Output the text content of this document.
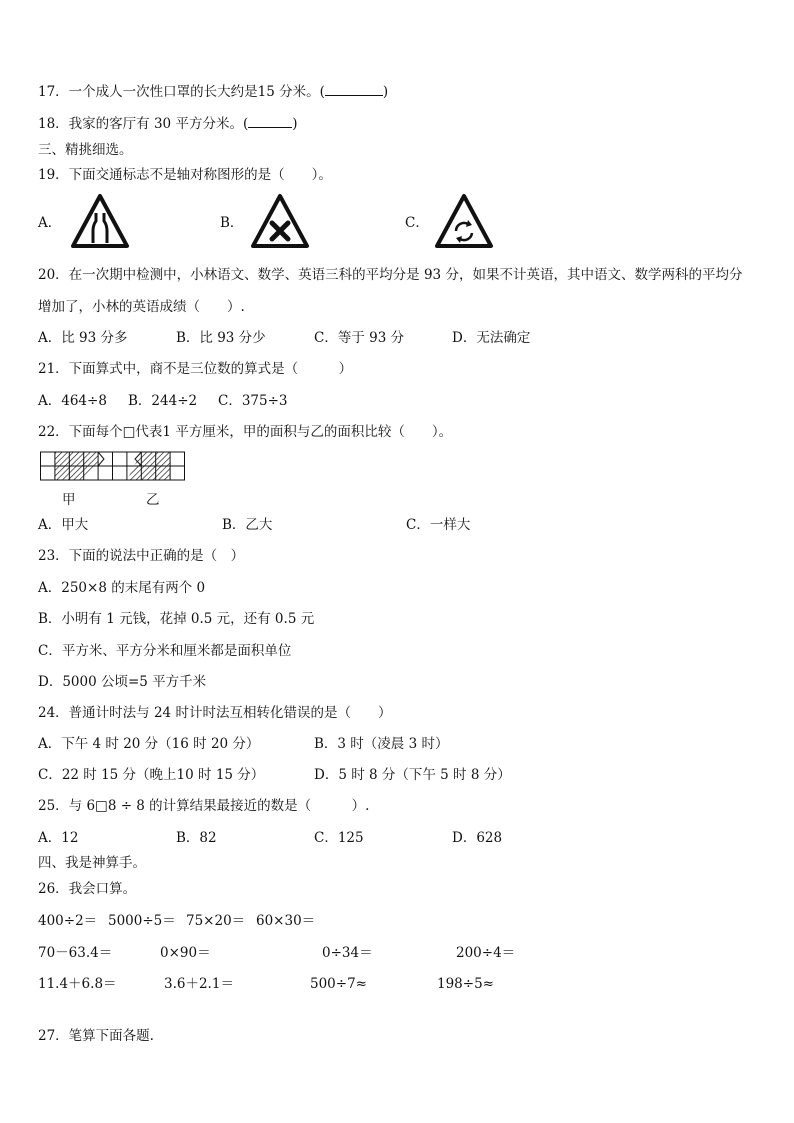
17．一个成人一次性口罩的长大约是15 分米。(	)
18．我家的客厅有 30 平方分米。(	)
三、精挑细选。
19．下面交通标志不是轴对称图形的是（　　）。
A．	B．	C．
20．在一次期中检测中，小林语文、数学、英语三科的平均分是 93 分，如果不计英语，其中语文、数学两科的平均分
增加了，小林的英语成绩（　　）.
A．比 93 分多	B．比 93 分少	C．等于 93 分	D．无法确定
21．下面算式中，商不是三位数的算式是（　　　）
A．464÷8 B．244÷2 C．375÷3
22．下面每个□代表1 平方厘米，甲的面积与乙的面积比较（　　）。
甲	乙
A．甲大	B．乙大	C．一样大
23．下面的说法中正确的是（　）
A．250×8 的末尾有两个 0
B．小明有 1 元钱，花掉 0.5 元，还有 0.5 元
C．平方米、平方分米和厘米都是面积单位
D．5000 公顷=5 平方千米
24．普通计时法与 24 时计时法互相转化错误的是（　　）
A．下午 4 时 20 分（16 时 20 分）	B．3 时（凌晨 3 时）
C．22 时 15 分（晚上10 时 15 分）	D．5 时 8 分（下午 5 时 8 分）
25．与 6□8 ÷ 8 的计算结果最接近的数是（　　　）.
A．12	B．82	C．125	D．628
四、我是神算手。
26．我会口算。
400÷2＝ 5000÷5＝ 75×20＝ 60×30＝
70－63.4＝	0×90＝	0÷34＝	200÷4＝
11.4＋6.8＝	3.6＋2.1＝	500÷7≈	198÷5≈
27．笔算下面各题.
